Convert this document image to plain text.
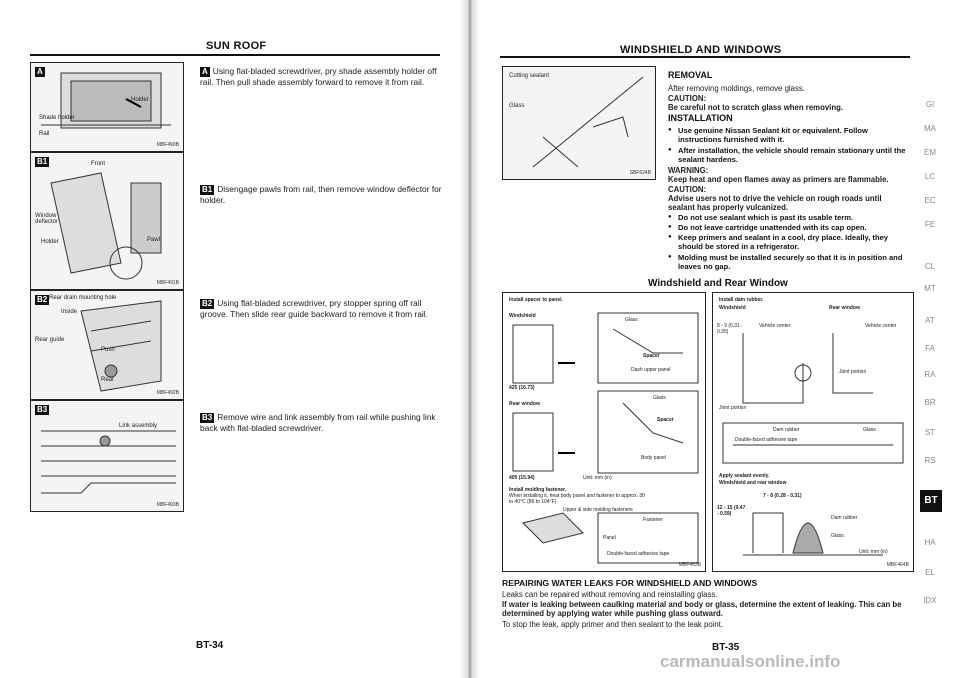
SUN ROOF
A
Holder
Shade holder
Rail
MBF490B
B1	Front
Window deflector
Holder	Pawl
MBF491B
B2 Rear drain mounting hole
Inside
Rear guide
Push
Rear
MBF492B
B3
Link assembly
MBF493B
A Using flat-bladed screwdriver, pry shade assembly holder off rail. Then pull shade assembly forward to remove it from rail.
B1 Disengage pawls from rail, then remove window deflector for holder.
B2 Using flat-bladed screwdriver, pry stopper spring off rail groove. Then slide rear guide backward to remove it from rail.
B3 Remove wire and link assembly from rail while pushing link back with flat-bladed screwdriver.
BT-34
WINDSHIELD AND WINDOWS
Cutting sealant
Glass
SBF624B
REMOVAL
After removing moldings, remove glass.
CAUTION:
Be careful not to scratch glass when removing.
INSTALLATION
● Use genuine Nissan Sealant kit or equivalent. Follow instructions furnished with it.
● After installation, the vehicle should remain stationary until the sealant hardens.
WARNING:
Keep heat and open flames away as primers are flammable.
CAUTION:
Advise users not to drive the vehicle on rough roads until sealant has properly vulcanized.
● Do not use sealant which is past its usable term.
● Do not leave cartridge unattended with its cap open.
● Keep primers and sealant in a cool, dry place. Ideally, they should be stored in a refrigerator.
● Molding must be installed securely so that it is in position and leaves no gap.
Windshield and Rear Window
Install spacer to panel.
Windshield
Glass
Spacer
Dash upper panel
425 (16.73)
Rear window
Glass
Spacer
Body panel
405 (15.94)	Unit: mm (in)
Install molding fastener.
When installing it, heat body panel and fastener to approx. 30 to 40°C (86 to 104°F).
Upper & side molding fasteners
Fastener
Panel
Double-faced adhesive tape
MBF463B
Install dam rubber.
Windshield	Rear window
8 - 9 (0.31 - 0.35)
Vehicle center	Vehicle center
Joint portion
Joint portion
Dam rubber	Glass
Double-faced adhesive tape
Apply sealant evenly.
Windshield and rear window
7 - 8 (0.28 - 0.31)
12 - 15 (0.47 - 0.59)
Dam rubber
Glass
Unit: mm (in)
MBF464B
REPAIRING WATER LEAKS FOR WINDSHIELD AND WINDOWS
Leaks can be repaired without removing and reinstalling glass.
If water is leaking between caulking material and body or glass, determine the extent of leaking. This can be determined by applying water while pushing glass outward.
To stop the leak, apply primer and then sealant to the leak point.
BT-35
GI
MA
EM
LC
EC
FE
CL
MT
AT
FA
RA
BR
ST
RS
BT
HA
EL
IDX
carmanualsonline.info
